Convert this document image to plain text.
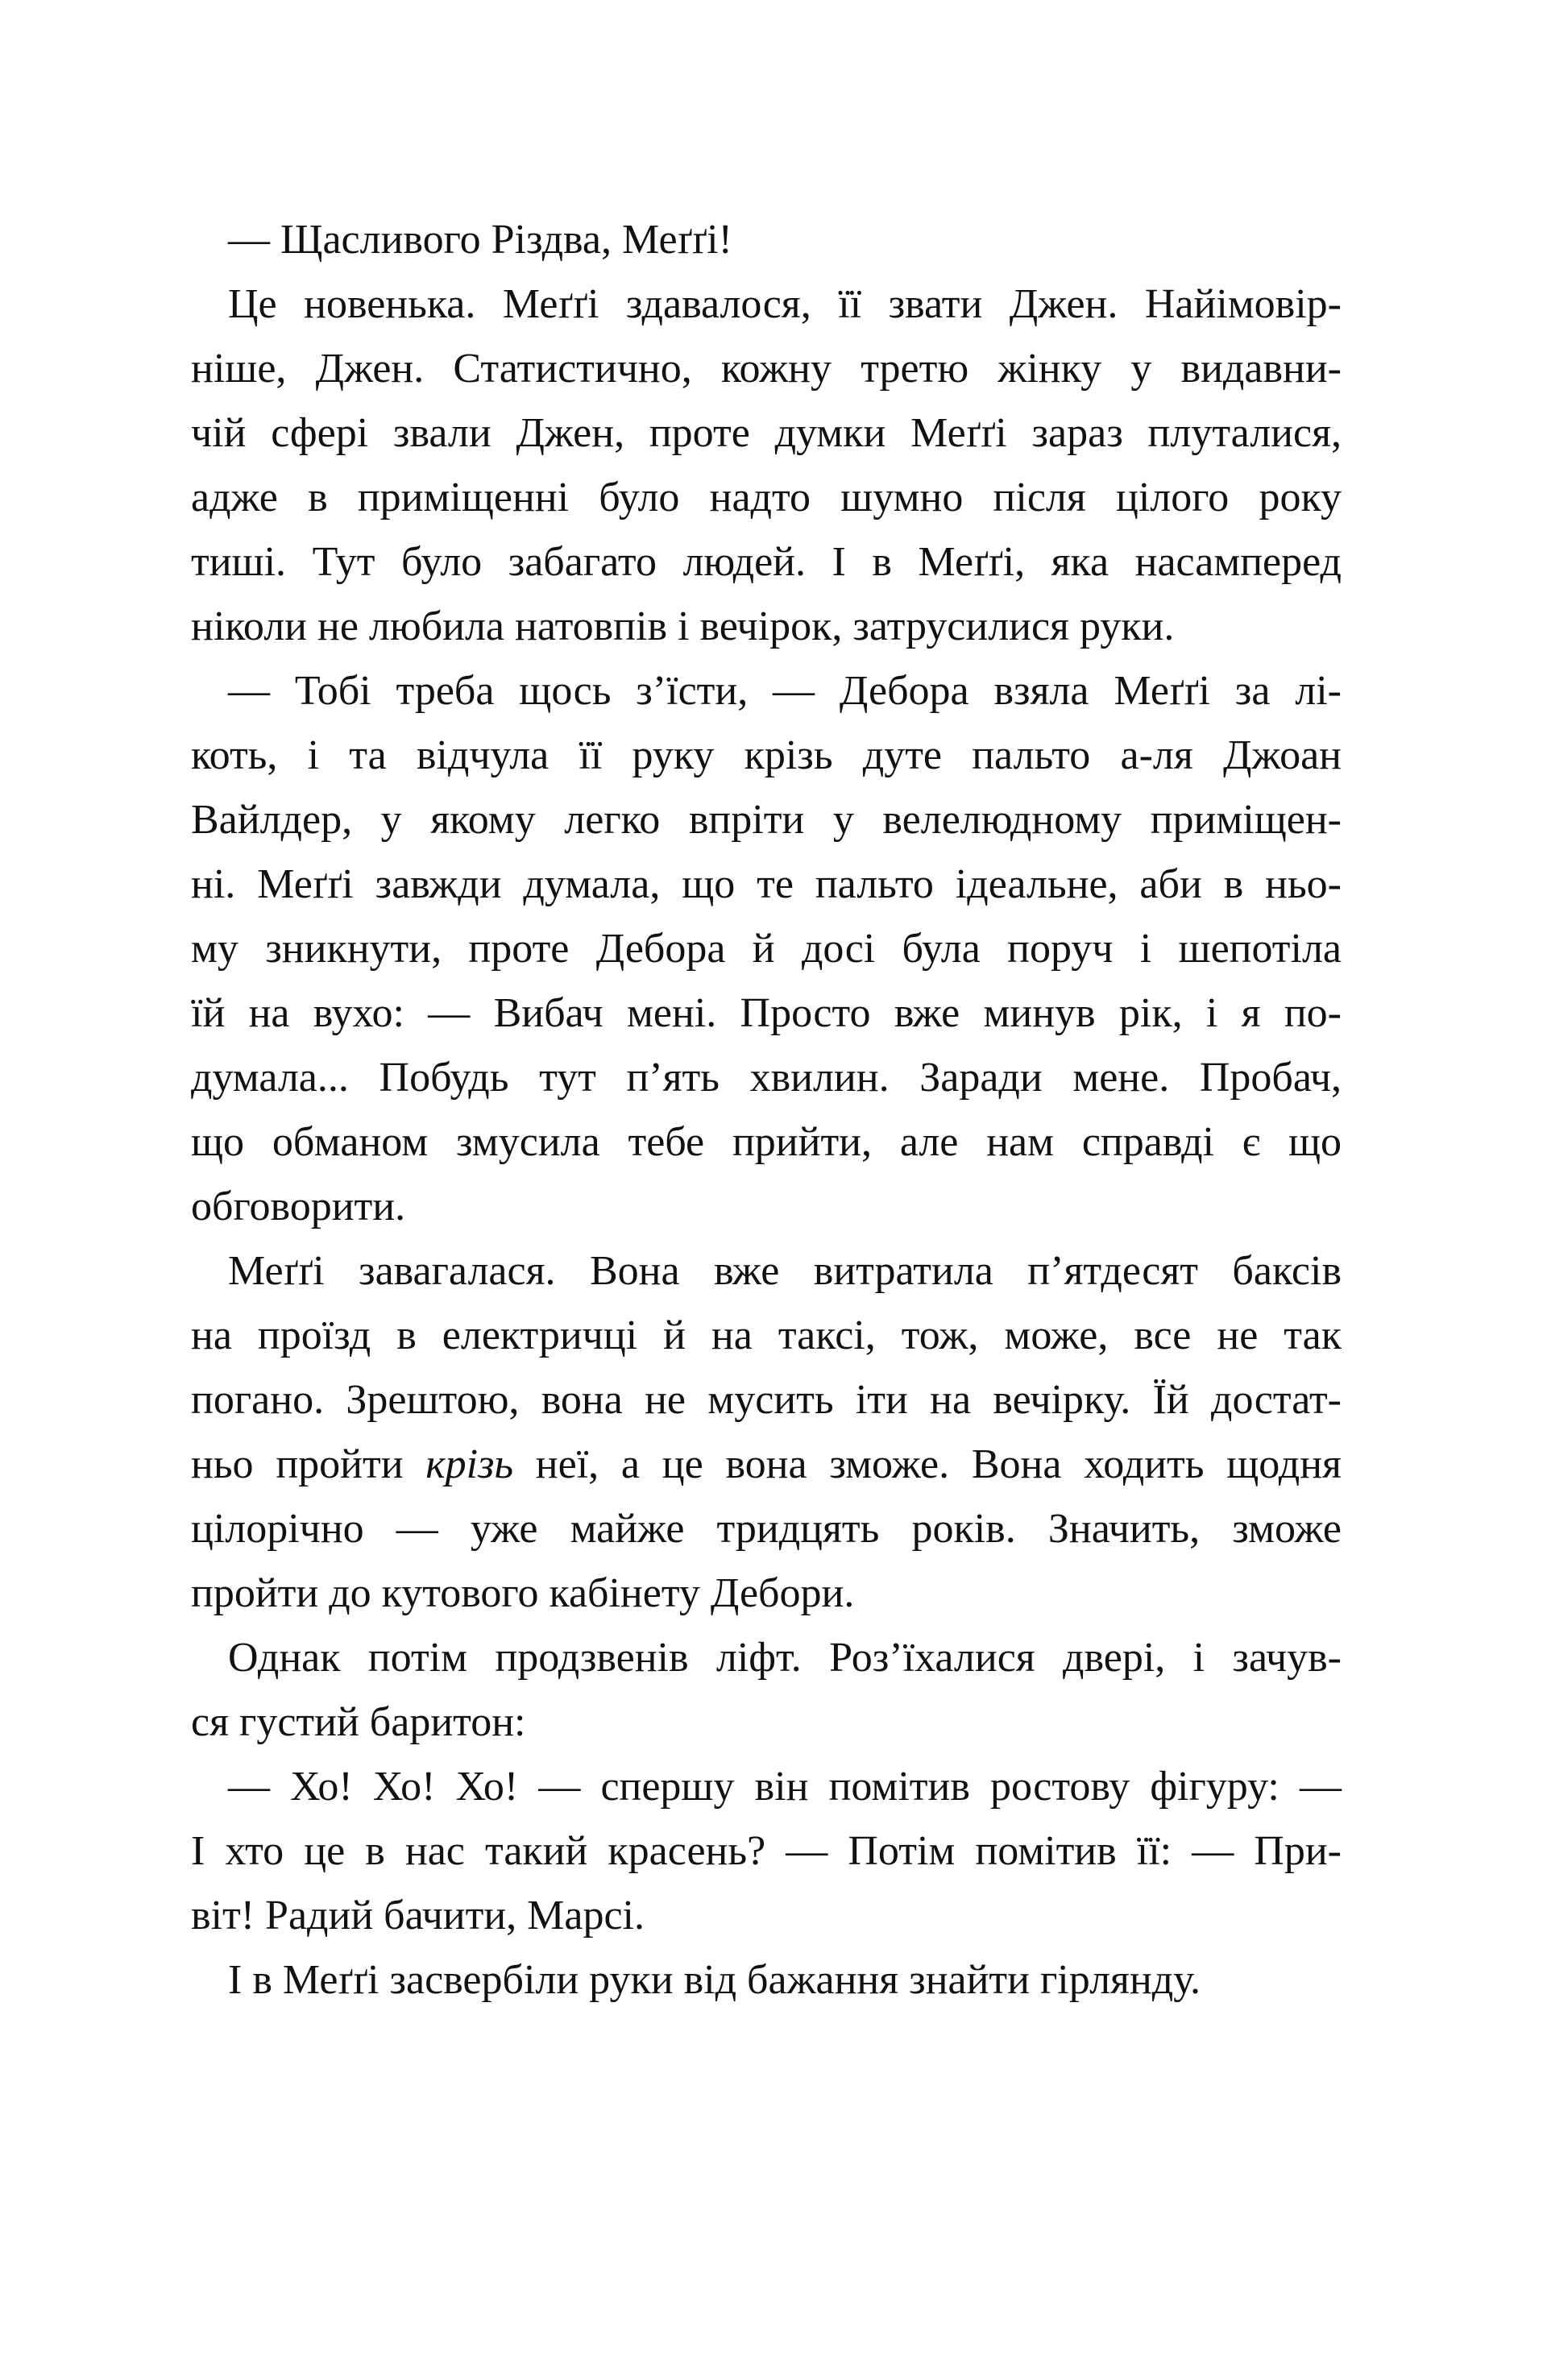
— Щасливого Різдва, Меґґі!
Це новенька. Меґґі здавалося, її звати Джен. Найімовір-
ніше, Джен. Статистично, кожну третю жінку у видавни-
чій сфері звали Джен, проте думки Меґґі зараз плуталися,
адже в приміщенні було надто шумно після цілого року
тиші. Тут було забагато людей. І в Меґґі, яка насамперед
ніколи не любила натовпів і вечірок, затрусилися руки.
— Тобі треба щось з’їсти, — Дебора взяла Меґґі за лі-
коть, і та відчула її руку крізь дуте пальто а-ля Джоан
Вайлдер, у якому легко впріти у велелюдному приміщен-
ні. Меґґі завжди думала, що те пальто ідеальне, аби в ньо-
му зникнути, проте Дебора й досі була поруч і шепотіла
їй на вухо: — Вибач мені. Просто вже минув рік, і я по-
думала... Побудь тут п’ять хвилин. Заради мене. Пробач,
що обманом змусила тебе прийти, але нам справді є що
обговорити.
Меґґі завагалася. Вона вже витратила п’ятдесят баксів
на проїзд в електричці й на таксі, тож, може, все не так
погано. Зрештою, вона не мусить іти на вечірку. Їй достат-
ньо пройти крізь неї, а це вона зможе. Вона ходить щодня
цілорічно — уже майже тридцять років. Значить, зможе
пройти до кутового кабінету Дебори.
Однак потім продзвенів ліфт. Роз’їхалися двері, і зачув-
ся густий баритон:
— Хо! Хо! Хо! — спершу він помітив ростову фігуру: —
І хто це в нас такий красень? — Потім помітив її: — При-
віт! Радий бачити, Марсі.
І в Меґґі засвербіли руки від бажання знайти гірлянду.
